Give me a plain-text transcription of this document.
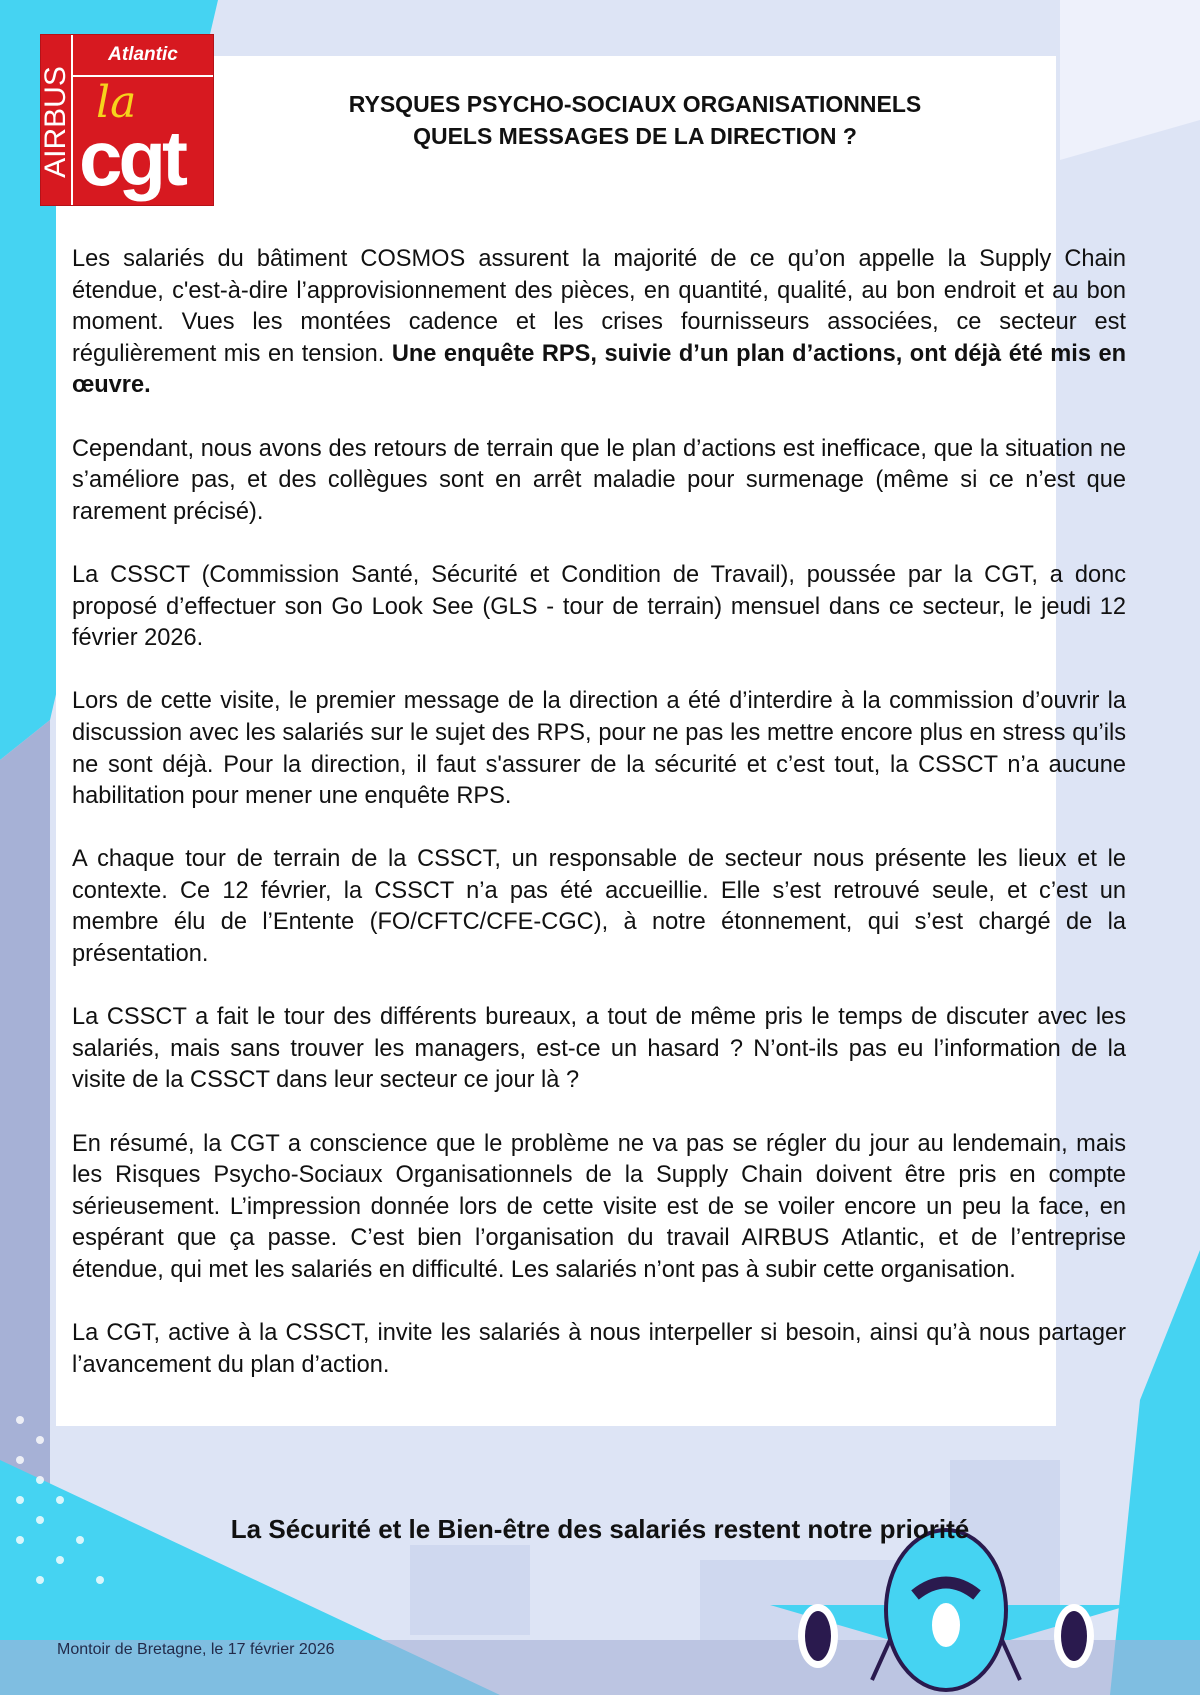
AIRBUS
Atlantic
la
cgt
RYSQUES PSYCHO-SOCIAUX ORGANISATIONNELS
QUELS MESSAGES DE LA DIRECTION ?

Les salariés du bâtiment COSMOS assurent la majorité de ce qu’on appelle la Supply Chain étendue, c'est-à-dire l’approvisionnement des pièces, en quantité, qualité, au bon endroit et au bon moment. Vues les montées cadence et les crises fournisseurs associées, ce secteur est régulièrement mis en tension. Une enquête RPS, suivie d’un plan d’actions, ont déjà été mis en œuvre.

Cependant, nous avons des retours de terrain que le plan d’actions est inefficace, que la situation ne s’améliore pas, et des collègues sont en arrêt maladie pour surmenage (même si ce n’est que rarement précisé).

La CSSCT (Commission Santé, Sécurité et Condition de Travail), poussée par la CGT, a donc proposé d’effectuer son Go Look See (GLS - tour de terrain) mensuel dans ce secteur, le jeudi 12 février 2026.

Lors de cette visite, le premier message de la direction a été d’interdire à la commission d’ouvrir la discussion avec les salariés sur le sujet des RPS, pour ne pas les mettre encore plus en stress qu’ils ne sont déjà. Pour la direction, il faut s'assurer de la sécurité et c’est tout, la CSSCT n’a aucune habilitation pour mener une enquête RPS.

A chaque tour de terrain de la CSSCT, un responsable de secteur nous présente les lieux et le contexte. Ce 12 février, la CSSCT n’a pas été accueillie. Elle s’est retrouvé seule, et c’est un membre élu de l’Entente (FO/CFTC/CFE-CGC), à notre étonnement, qui s’est chargé de la présentation.

La CSSCT a fait le tour des différents bureaux, a tout de même pris le temps de discuter avec les salariés, mais sans trouver les managers, est-ce un hasard ? N’ont-ils pas eu l’information de la visite de la CSSCT dans leur secteur ce jour là ?

En résumé, la CGT a conscience que le problème ne va pas se régler du jour au lendemain, mais les Risques Psycho-Sociaux Organisationnels de la Supply Chain doivent être pris en compte sérieusement. L’impression donnée lors de cette visite est de se voiler encore un peu la face, en espérant que ça passe. C’est bien l’organisation du travail AIRBUS Atlantic, et de l’entreprise étendue, qui met les salariés en difficulté. Les salariés n’ont pas à subir cette organisation.

La CGT, active à la CSSCT, invite les salariés à nous interpeller si besoin, ainsi qu’à nous partager l’avancement du plan d’action.

La Sécurité et le Bien-être des salariés restent notre priorité
Montoir de Bretagne, le 17 février 2026
